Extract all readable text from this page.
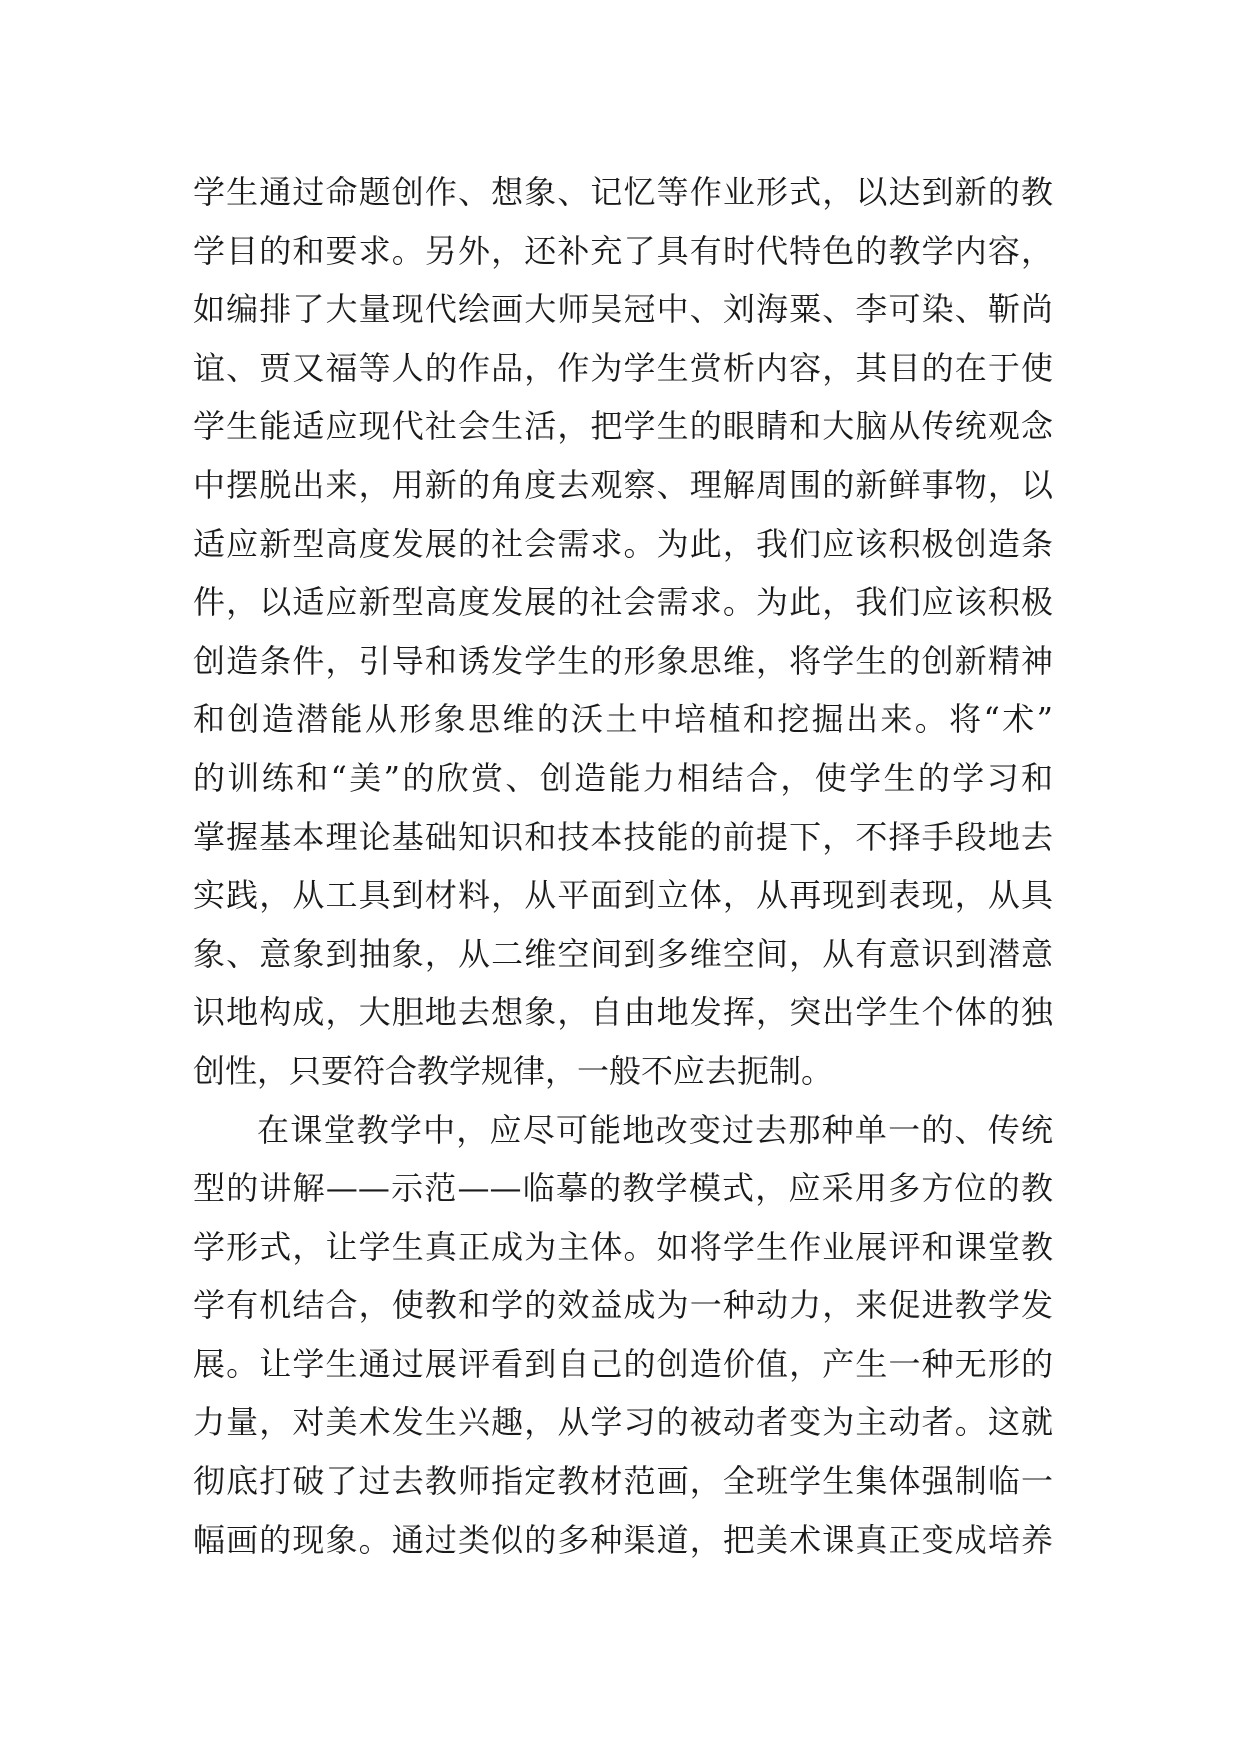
学生通过命题创作、想象、记忆等作业形式，以达到新的教
学目的和要求。另外，还补充了具有时代特色的教学内容，
如编排了大量现代绘画大师吴冠中、刘海粟、李可染、靳尚
谊、贾又福等人的作品，作为学生赏析内容，其目的在于使
学生能适应现代社会生活，把学生的眼睛和大脑从传统观念
中摆脱出来，用新的角度去观察、理解周围的新鲜事物，以
适应新型高度发展的社会需求。为此，我们应该积极创造条
件，以适应新型高度发展的社会需求。为此，我们应该积极
创造条件，引导和诱发学生的形象思维，将学生的创新精神
和创造潜能从形象思维的沃土中培植和挖掘出来。将“术”
的训练和“美”的欣赏、创造能力相结合，使学生的学习和
掌握基本理论基础知识和技本技能的前提下，不择手段地去
实践，从工具到材料，从平面到立体，从再现到表现，从具
象、意象到抽象，从二维空间到多维空间，从有意识到潜意
识地构成，大胆地去想象，自由地发挥，突出学生个体的独
创性，只要符合教学规律，一般不应去扼制。
在课堂教学中，应尽可能地改变过去那种单一的、传统
型的讲解——示范——临摹的教学模式，应采用多方位的教
学形式，让学生真正成为主体。如将学生作业展评和课堂教
学有机结合，使教和学的效益成为一种动力，来促进教学发
展。让学生通过展评看到自己的创造价值，产生一种无形的
力量，对美术发生兴趣，从学习的被动者变为主动者。这就
彻底打破了过去教师指定教材范画，全班学生集体强制临一
幅画的现象。通过类似的多种渠道，把美术课真正变成培养
